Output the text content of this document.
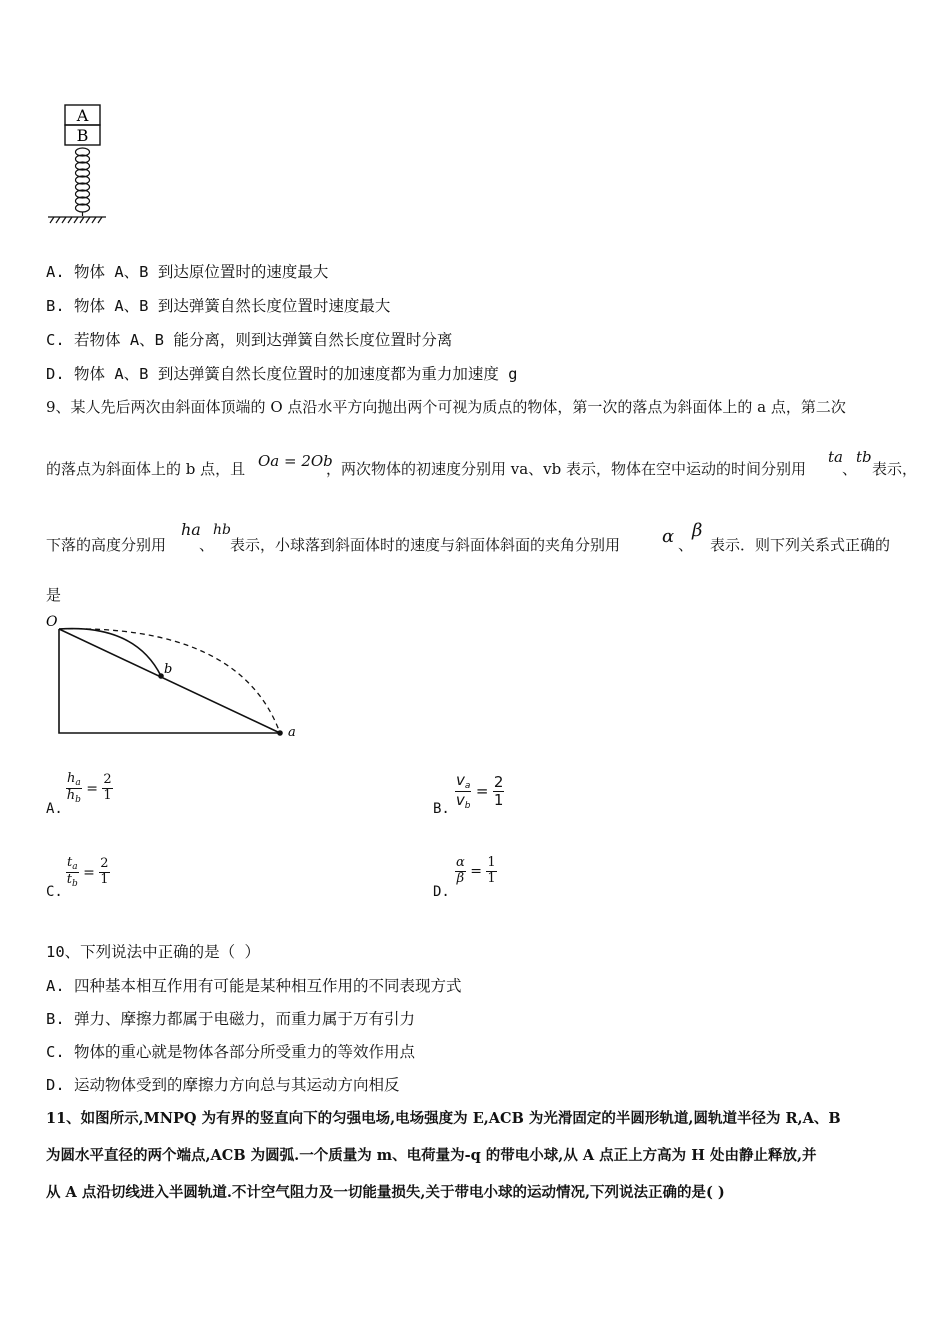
A
B
A. 物体 A、B 到达原位置时的速度最大
B. 物体 A、B 到达弹簧自然长度位置时速度最大
C. 若物体 A、B 能分离，则到达弹簧自然长度位置时分离
D. 物体 A、B 到达弹簧自然长度位置时的加速度都为重力加速度 g
9、某人先后两次由斜面体顶端的 O 点沿水平方向抛出两个可视为质点的物体，第一次的落点为斜面体上的 a 点，第二次
的落点为斜面体上的 b 点，且 Oa = 2Ob
，两次物体的初速度分别用 va、vb 表示，物体在空中运动的时间分别用
ta
、
tb
表示，
下落的高度分别用
ha
、
hb
表示，小球落到斜面体时的速度与斜面体斜面的夹角分别用 α 、
β
表示．则下列关系式正确的
是
O
b
a
A.
$\frac{h_a}{h_b} = \frac{2}{1}$
B. $\frac{v_a}{v_b} = \frac{2}{1}$
C.
$\frac{t_a}{t_b} = \frac{2}{1}$
D.
$\frac{\alpha}{\beta} = \frac{1}{1}$
10、下列说法中正确的是（ ）
A. 四种基本相互作用有可能是某种相互作用的不同表现方式
B. 弹力、摩擦力都属于电磁力，而重力属于万有引力
C. 物体的重心就是物体各部分所受重力的等效作用点
D. 运动物体受到的摩擦力方向总与其运动方向相反
11、如图所示,MNPQ 为有界的竖直向下的匀强电场,电场强度为 E,ACB 为光滑固定的半圆形轨道,圆轨道半径为 R,A、B
为圆水平直径的两个端点,ACB 为圆弧.一个质量为 m、电荷量为-q 的带电小球,从 A 点正上方高为 H 处由静止释放,并
从 A 点沿切线进入半圆轨道.不计空气阻力及一切能量损失,关于带电小球的运动情况,下列说法正确的是( )
